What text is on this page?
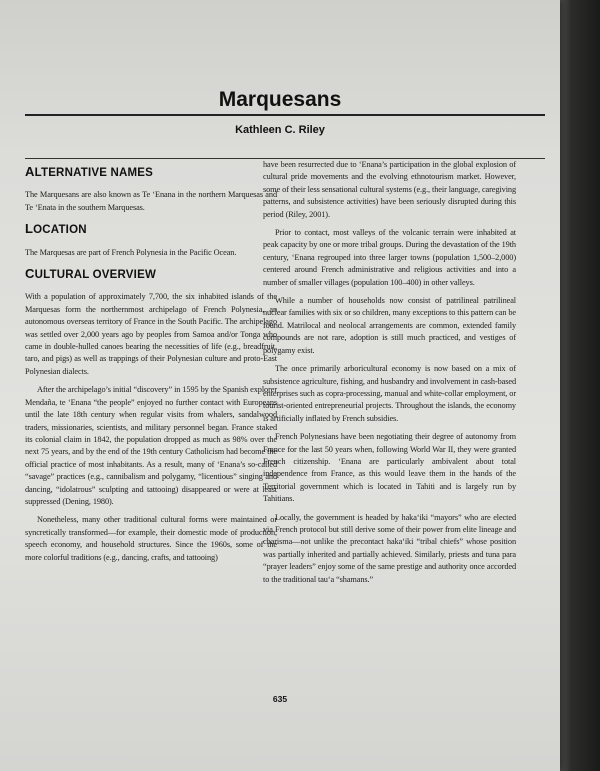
Marquesans
Kathleen C. Riley
ALTERNATIVE NAMES

The Marquesans are also known as Te ‘Enana in the northern Marquesas and Te ‘Enata in the southern Marquesas.

LOCATION

The Marquesas are part of French Polynesia in the Pacific Ocean.

CULTURAL OVERVIEW

With a population of approximately 7,700, the six inhabited islands of the Marquesas form the northernmost archipelago of French Polynesia, an autonomous overseas territory of France in the South Pacific. The archipelago was settled over 2,000 years ago by peoples from Samoa and/or Tonga who came in double-hulled canoes bearing the necessities of life (e.g., breadfruit, taro, and pigs) as well as trappings of their Polynesian culture and proto-East Polynesian dialects.

After the archipelago’s initial “discovery” in 1595 by the Spanish explorer Mendaña, te ‘Enana “the people” enjoyed no further contact with Europeans until the late 18th century when regular visits from whalers, sandalwood traders, missionaries, scientists, and military personnel began. France staked its colonial claim in 1842, the population dropped as much as 98% over the next 75 years, and by the end of the 19th century Catholicism had become the official practice of most inhabitants. As a result, many of ‘Enana’s so-called “savage” practices (e.g., cannibalism and polygamy, “licentious” singing and dancing, “idolatrous” sculpting and tattooing) disappeared or were at least suppressed (Dening, 1980).

Nonetheless, many other traditional cultural forms were maintained or syncretically transformed—for example, their domestic mode of production, speech economy, and household structures. Since the 1960s, some of the more colorful traditions (e.g., dancing, crafts, and tattooing)

have been resurrected due to ‘Enana’s participation in the global explosion of cultural pride movements and the evolving ethnotourism market. However, some of their less sensational cultural systems (e.g., their language, caregiving patterns, and subsistence activities) have been seriously disrupted during this period (Riley, 2001).

Prior to contact, most valleys of the volcanic terrain were inhabited at peak capacity by one or more tribal groups. During the devastation of the 19th century, ‘Enana regrouped into three larger towns (population 1,500–2,000) centered around French administrative and religious activities and into a number of smaller villages (population 100–400) in other valleys.

While a number of households now consist of patrilineal patrilineal nuclear families with six or so children, many exceptions to this pattern can be found. Matrilocal and neolocal arrangements are common, extended family compounds are not rare, adoption is still much practiced, and vestiges of polygamy exist.

The once primarily arboricultural economy is now based on a mix of subsistence agriculture, fishing, and husbandry and involvement in cash-based enterprises such as copra-processing, manual and white-collar employment, or tourist-oriented entrepreneurial projects. Throughout the islands, the economy is artificially inflated by French subsidies.

French Polynesians have been negotiating their degree of autonomy from France for the last 50 years when, following World War II, they were granted French citizenship. ‘Enana are particularly ambivalent about total independence from France, as this would leave them in the hands of the Territorial government which is located in Tahiti and is largely run by Tahitians.

Locally, the government is headed by haka‘iki “mayors” who are elected via French protocol but still derive some of their power from elite lineage and charisma—not unlike the precontact haka‘iki “tribal chiefs” whose position was partially inherited and partially achieved. Similarly, priests and tuna para “prayer leaders” enjoy some of the same prestige and authority once accorded to the traditional tau‘a “shamans.”

635
